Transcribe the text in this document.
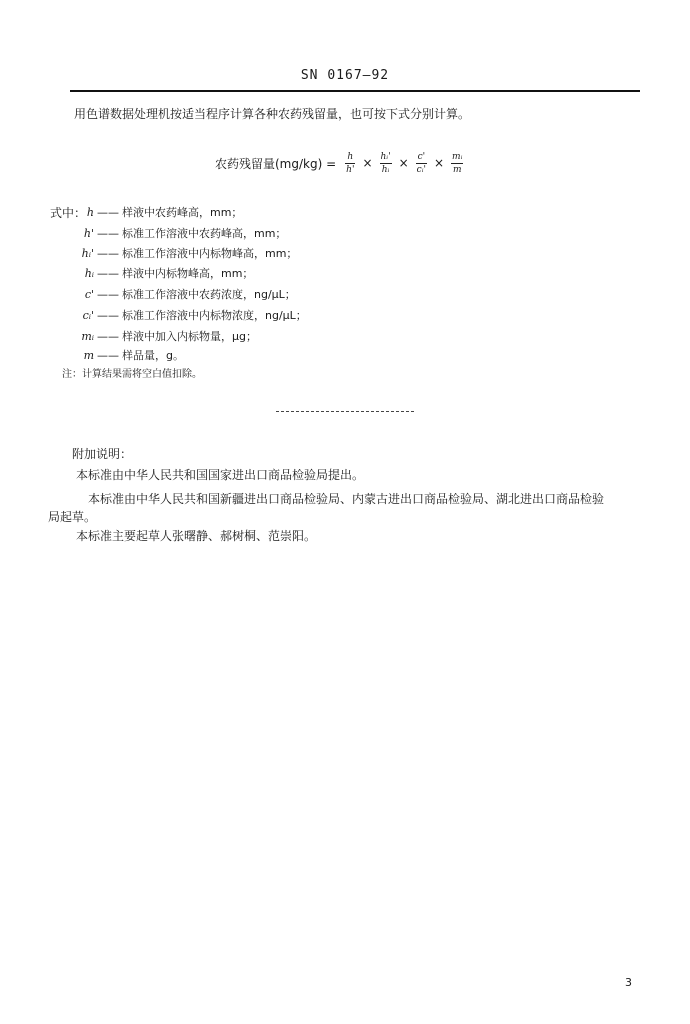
SN 0167—92
用色谱数据处理机按适当程序计算各种农药残留量，也可按下式分别计算。
农药残留量$(mg/kg) = \frac{h}{h'} \times \frac{\text{hᵢ'}}{\text{hᵢ}} \times \frac{c'}{\text{cᵢ'}} \times \frac{\text{mᵢ}}{m}$
式中： h —— 样液中农药峰高，mm；
h' —— 标准工作溶液中农药峰高，mm；
hᵢ' —— 标准工作溶液中内标物峰高，mm；
hᵢ —— 样液中内标物峰高，mm；
c' —— 标准工作溶液中农药浓度，ng/μL；
cᵢ' —— 标准工作溶液中内标物浓度，ng/μL；
mᵢ —— 样液中加入内标物量，μg；
m —— 样品量，g。
注：计算结果需将空白值扣除。
附加说明：
本标准由中华人民共和国国家进出口商品检验局提出。
本标准由中华人民共和国新疆进出口商品检验局、内蒙古进出口商品检验局、湖北进出口商品检验
局起草。
本标准主要起草人张曙静、郝树桐、范崇阳。
3
